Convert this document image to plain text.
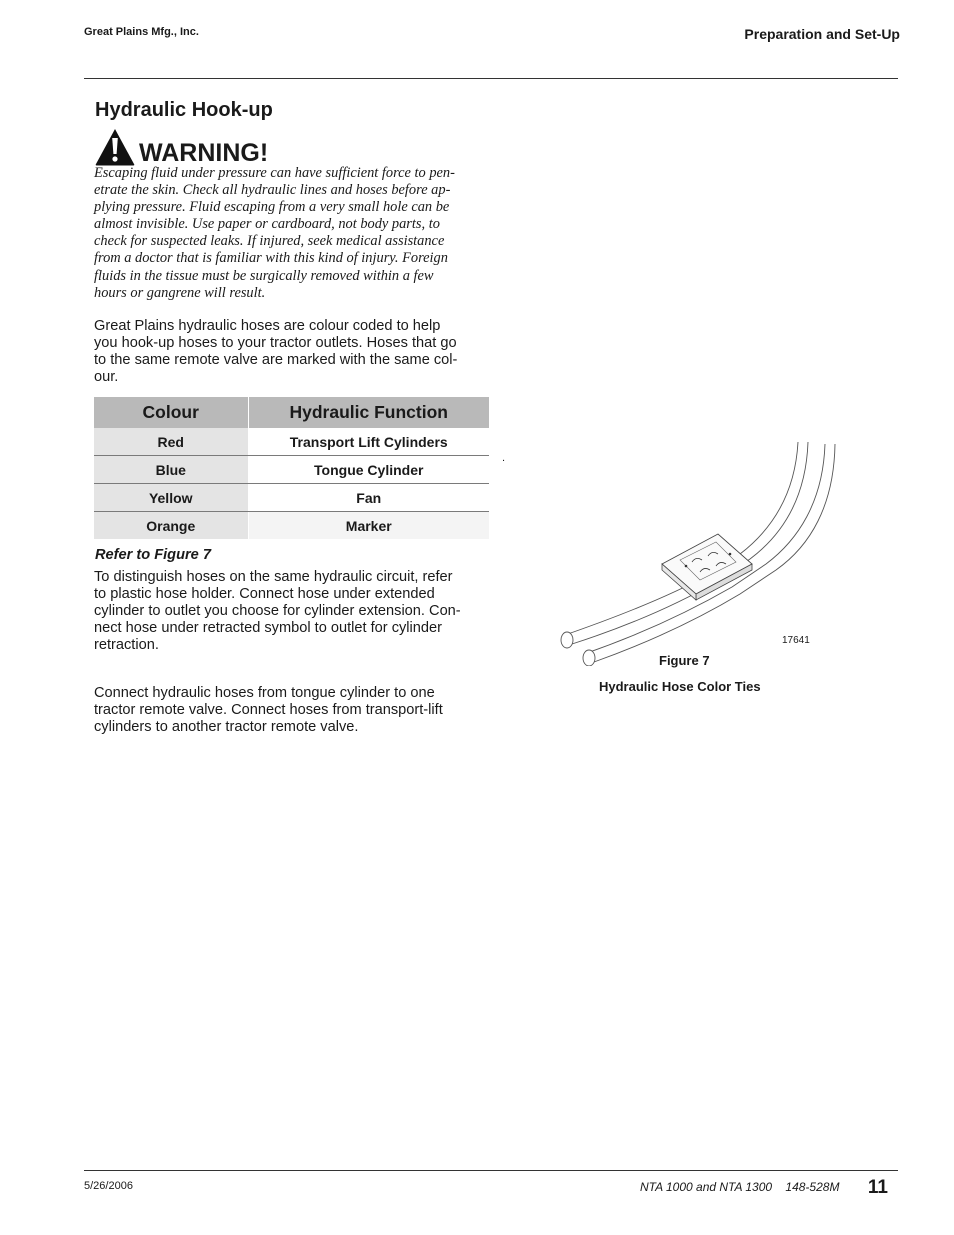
Great Plains Mfg., Inc.	Preparation and Set-Up
Hydraulic Hook-up
WARNING!

Escaping fluid under pressure can have sufficient force to pen-
etrate the skin. Check all hydraulic lines and hoses before ap-
plying pressure. Fluid escaping from a very small hole can be
almost invisible. Use paper or cardboard, not body parts, to
check for suspected leaks. If injured, seek medical assistance
from a doctor that is familiar with this kind of injury. Foreign
fluids in the tissue must be surgically removed within a few
hours or gangrene will result.

Great Plains hydraulic hoses are colour coded to help
you hook-up hoses to your tractor outlets. Hoses that go
to the same remote valve are marked with the same col-
our.

Colour	Hydraulic Function
Red	Transport Lift Cylinders
Blue	Tongue Cylinder
Yellow	Fan
Orange	Marker
Refer to Figure 7

To distinguish hoses on the same hydraulic circuit, refer
to plastic hose holder. Connect hose under extended
cylinder to outlet you choose for cylinder extension. Con-
nect hose under retracted symbol to outlet for cylinder
retraction.

Connect hydraulic hoses from tongue cylinder to one
tractor remote valve. Connect hoses from transport-lift
cylinders to another tractor remote valve.

.
17641
Figure 7
Hydraulic Hose Color Ties
5/26/2006	NTA 1000 and NTA 1300    148-528M 11
